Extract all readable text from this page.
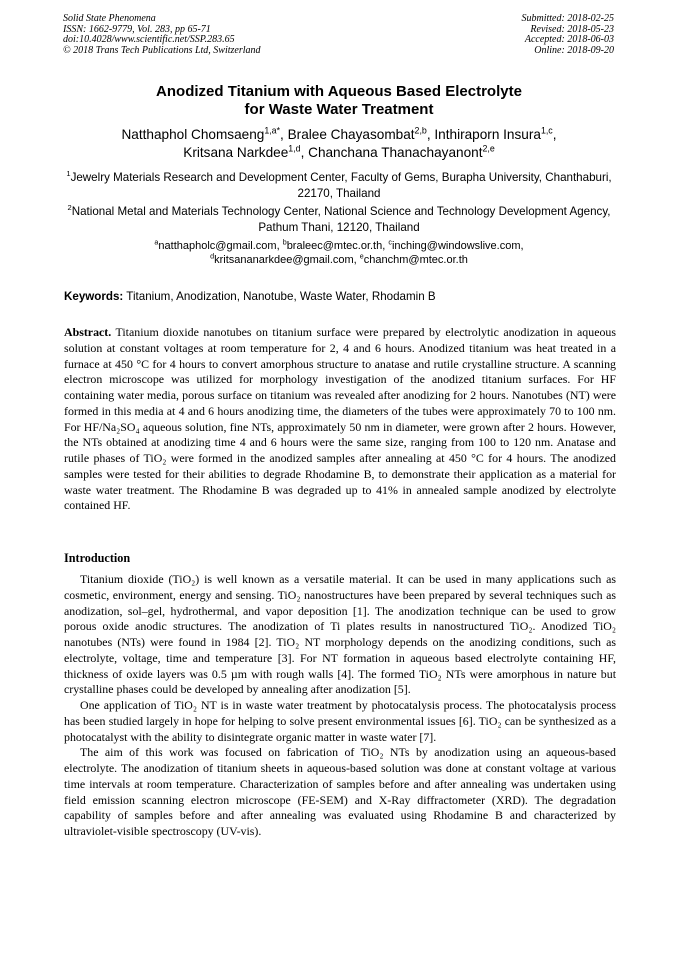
Solid State Phenomena
ISSN: 1662-9779, Vol. 283, pp 65-71
doi:10.4028/www.scientific.net/SSP.283.65
© 2018 Trans Tech Publications Ltd, Switzerland
Submitted: 2018-02-25
Revised: 2018-05-23
Accepted: 2018-06-03
Online: 2018-09-20
Anodized Titanium with Aqueous Based Electrolyte
for Waste Water Treatment
Natthaphol Chomsaeng$^{1,a*}$, Bralee Chayasombat$^{2,b}$, Inthiraporn Insura$^{1,c}$,
Kritsana Narkdee$^{1,d}$, Chanchana Thanachayanont$^{2,e}$
$^1$Jewelry Materials Research and Development Center, Faculty of Gems, Burapha University, Chanthaburi, 22170, Thailand
$^2$National Metal and Materials Technology Center, National Science and Technology Development Agency, Pathum Thani, 12120, Thailand
$^a$natthapholc@gmail.com, $^b$braleec@mtec.or.th, $^c$inching@windowslive.com,
$^d$kritsananarkdee@gmail.com, $^e$chanchm@mtec.or.th
Keywords: Titanium, Anodization, Nanotube, Waste Water, Rhodamin B
Abstract. Titanium dioxide nanotubes on titanium surface were prepared by electrolytic anodization in aqueous solution at constant voltages at room temperature for 2, 4 and 6 hours. Anodized titanium was heat treated in a furnace at 450 °C for 4 hours to convert amorphous structure to anatase and rutile crystalline structure. A scanning electron microscope was utilized for morphology investigation of the anodized titanium surfaces. For HF containing water media, porous surface on titanium was revealed after anodizing for 2 hours. Nanotubes (NT) were formed in this media at 4 and 6 hours anodizing time, the diameters of the tubes were approximately 70 to 100 nm. For HF/Na₂SO₄ aqueous solution, fine NTs, approximately 50 nm in diameter, were grown after 2 hours. However, the NTs obtained at anodizing time 4 and 6 hours were the same size, ranging from 100 to 120 nm. Anatase and rutile phases of TiO₂ were formed in the anodized samples after annealing at 450 °C for 4 hours. The anodized samples were tested for their abilities to degrade Rhodamine B, to demonstrate their application as a material for waste water treatment. The Rhodamine B was degraded up to 41% in annealed sample anodized by electrolyte contained HF.
Introduction

Titanium dioxide (TiO₂) is well known as a versatile material. It can be used in many applications such as cosmetic, environment, energy and sensing. TiO₂ nanostructures have been prepared by several techniques such as anodization, sol–gel, hydrothermal, and vapor deposition [1]. The anodization technique can be used to grow porous oxide anodic structures. The anodization of Ti plates results in nanostructured TiO₂. Anodized TiO₂ nanotubes (NTs) were found in 1984 [2]. TiO₂ NT morphology depends on the anodizing conditions, such as electrolyte, voltage, time and temperature [3]. For NT formation in aqueous based electrolyte containing HF, thickness of oxide layers was 0.5 µm with rough walls [4]. The formed TiO₂ NTs were amorphous in nature but crystalline phases could be developed by annealing after anodization [5].

One application of TiO₂ NT is in waste water treatment by photocatalysis process. The photocatalysis process has been studied largely in hope for helping to solve present environmental issues [6]. TiO₂ can be synthesized as a photocatalyst with the ability to disintegrate organic matter in waste water [7].

The aim of this work was focused on fabrication of TiO₂ NTs by anodization using an aqueous-based electrolyte. The anodization of titanium sheets in aqueous-based solution was done at constant voltage at various time intervals at room temperature. Characterization of samples before and after annealing was undertaken using field emission scanning electron microscope (FE-SEM) and X-Ray diffractometer (XRD). The degradation capability of samples before and after annealing was evaluated using Rhodamine B and characterized by ultraviolet-visible spectroscopy (UV-vis).
